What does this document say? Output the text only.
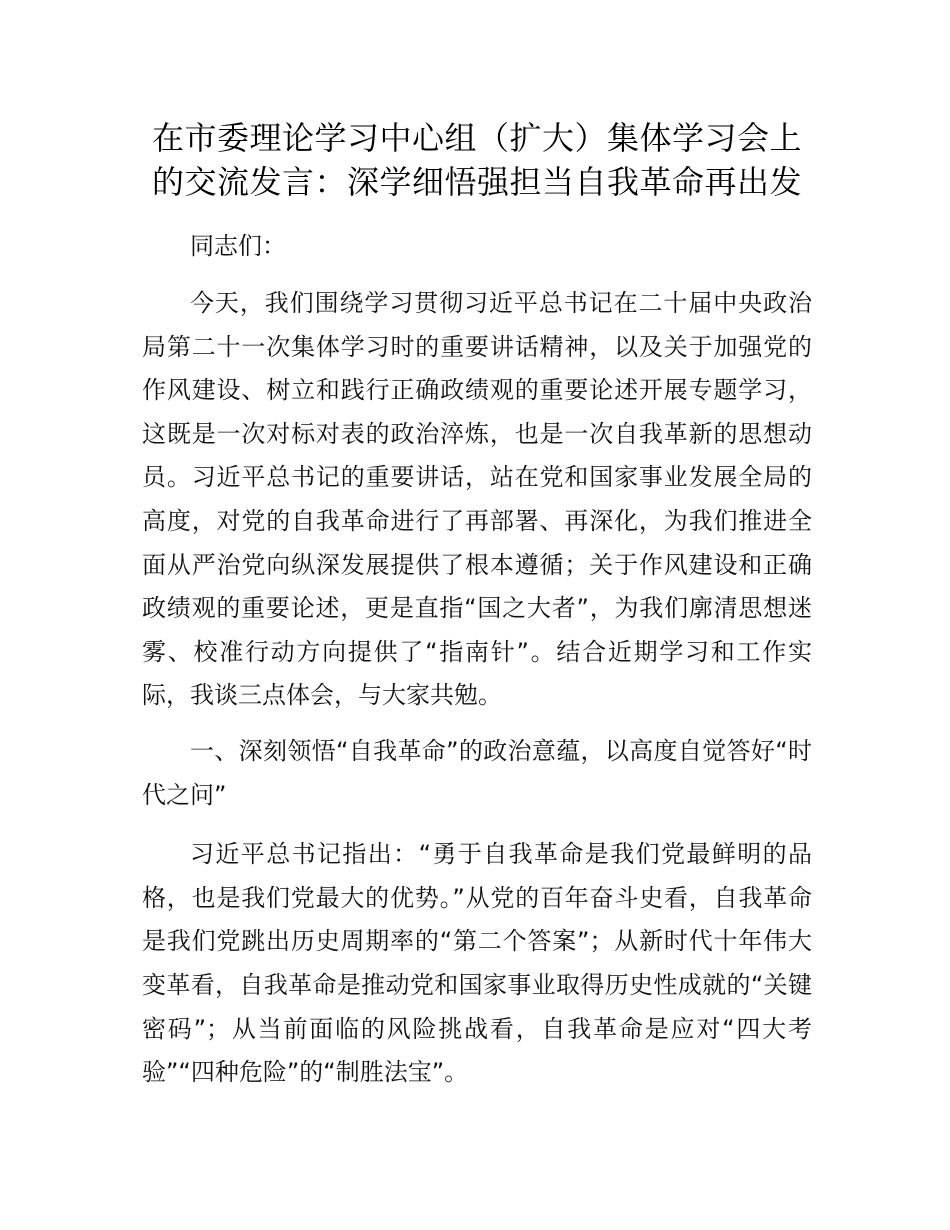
在市委理论学习中心组（扩大）集体学习会上的交流发言：深学细悟强担当自我革命再出发

同志们：

今天，我们围绕学习贯彻习近平总书记在二十届中央政治局第二十一次集体学习时的重要讲话精神，以及关于加强党的作风建设、树立和践行正确政绩观的重要论述开展专题学习，这既是一次对标对表的政治淬炼，也是一次自我革新的思想动员。习近平总书记的重要讲话，站在党和国家事业发展全局的高度，对党的自我革命进行了再部署、再深化，为我们推进全面从严治党向纵深发展提供了根本遵循；关于作风建设和正确政绩观的重要论述，更是直指“国之大者”，为我们廓清思想迷雾、校准行动方向提供了“指南针”。结合近期学习和工作实际，我谈三点体会，与大家共勉。

一、深刻领悟“自我革命”的政治意蕴，以高度自觉答好“时代之问”

习近平总书记指出：“勇于自我革命是我们党最鲜明的品格，也是我们党最大的优势。”从党的百年奋斗史看，自我革命是我们党跳出历史周期率的“第二个答案”；从新时代十年伟大变革看，自我革命是推动党和国家事业取得历史性成就的“关键密码”；从当前面临的风险挑战看，自我革命是应对“四大考验”“四种危险”的“制胜法宝”。
